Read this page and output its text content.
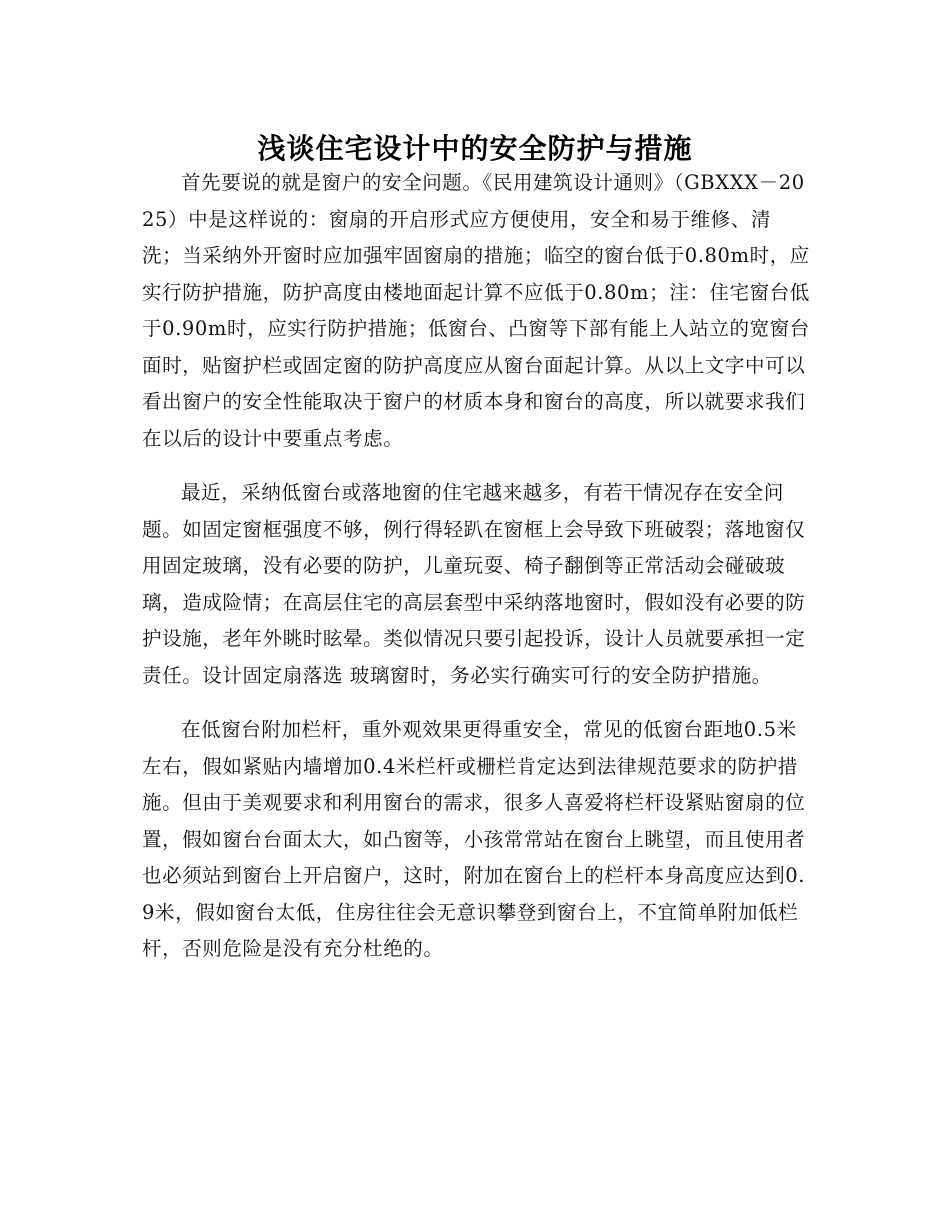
浅谈住宅设计中的安全防护与措施

首先要说的就是窗户的安全问题。《民用建筑设计通则》（GBXXX－2025）中是这样说的：窗扇的开启形式应方便使用，安全和易于维修、清洗；当采纳外开窗时应加强牢固窗扇的措施；临空的窗台低于0.80m时，应实行防护措施，防护高度由楼地面起计算不应低于0.80m；注：住宅窗台低于0.90m时，应实行防护措施；低窗台、凸窗等下部有能上人站立的宽窗台面时，贴窗护栏或固定窗的防护高度应从窗台面起计算。从以上文字中可以看出窗户的安全性能取决于窗户的材质本身和窗台的高度，所以就要求我们在以后的设计中要重点考虑。

最近，采纳低窗台或落地窗的住宅越来越多，有若干情况存在安全问题。如固定窗框强度不够，例行得轻趴在窗框上会导致下班破裂；落地窗仅用固定玻璃，没有必要的防护，儿童玩耍、椅子翻倒等正常活动会碰破玻璃，造成险情；在高层住宅的高层套型中采纳落地窗时，假如没有必要的防护设施，老年外眺时眩晕。类似情况只要引起投诉，设计人员就要承担一定责任。设计固定扇落选 玻璃窗时，务必实行确实可行的安全防护措施。

在低窗台附加栏杆，重外观效果更得重安全，常见的低窗台距地0.5米左右，假如紧贴内墙增加0.4米栏杆或栅栏肯定达到法律规范要求的防护措施。但由于美观要求和利用窗台的需求，很多人喜爱将栏杆设紧贴窗扇的位置，假如窗台台面太大，如凸窗等，小孩常常站在窗台上眺望，而且使用者也必须站到窗台上开启窗户，这时，附加在窗台上的栏杆本身高度应达到0.9米，假如窗台太低，住房往往会无意识攀登到窗台上，不宜简单附加低栏杆，否则危险是没有充分杜绝的。
